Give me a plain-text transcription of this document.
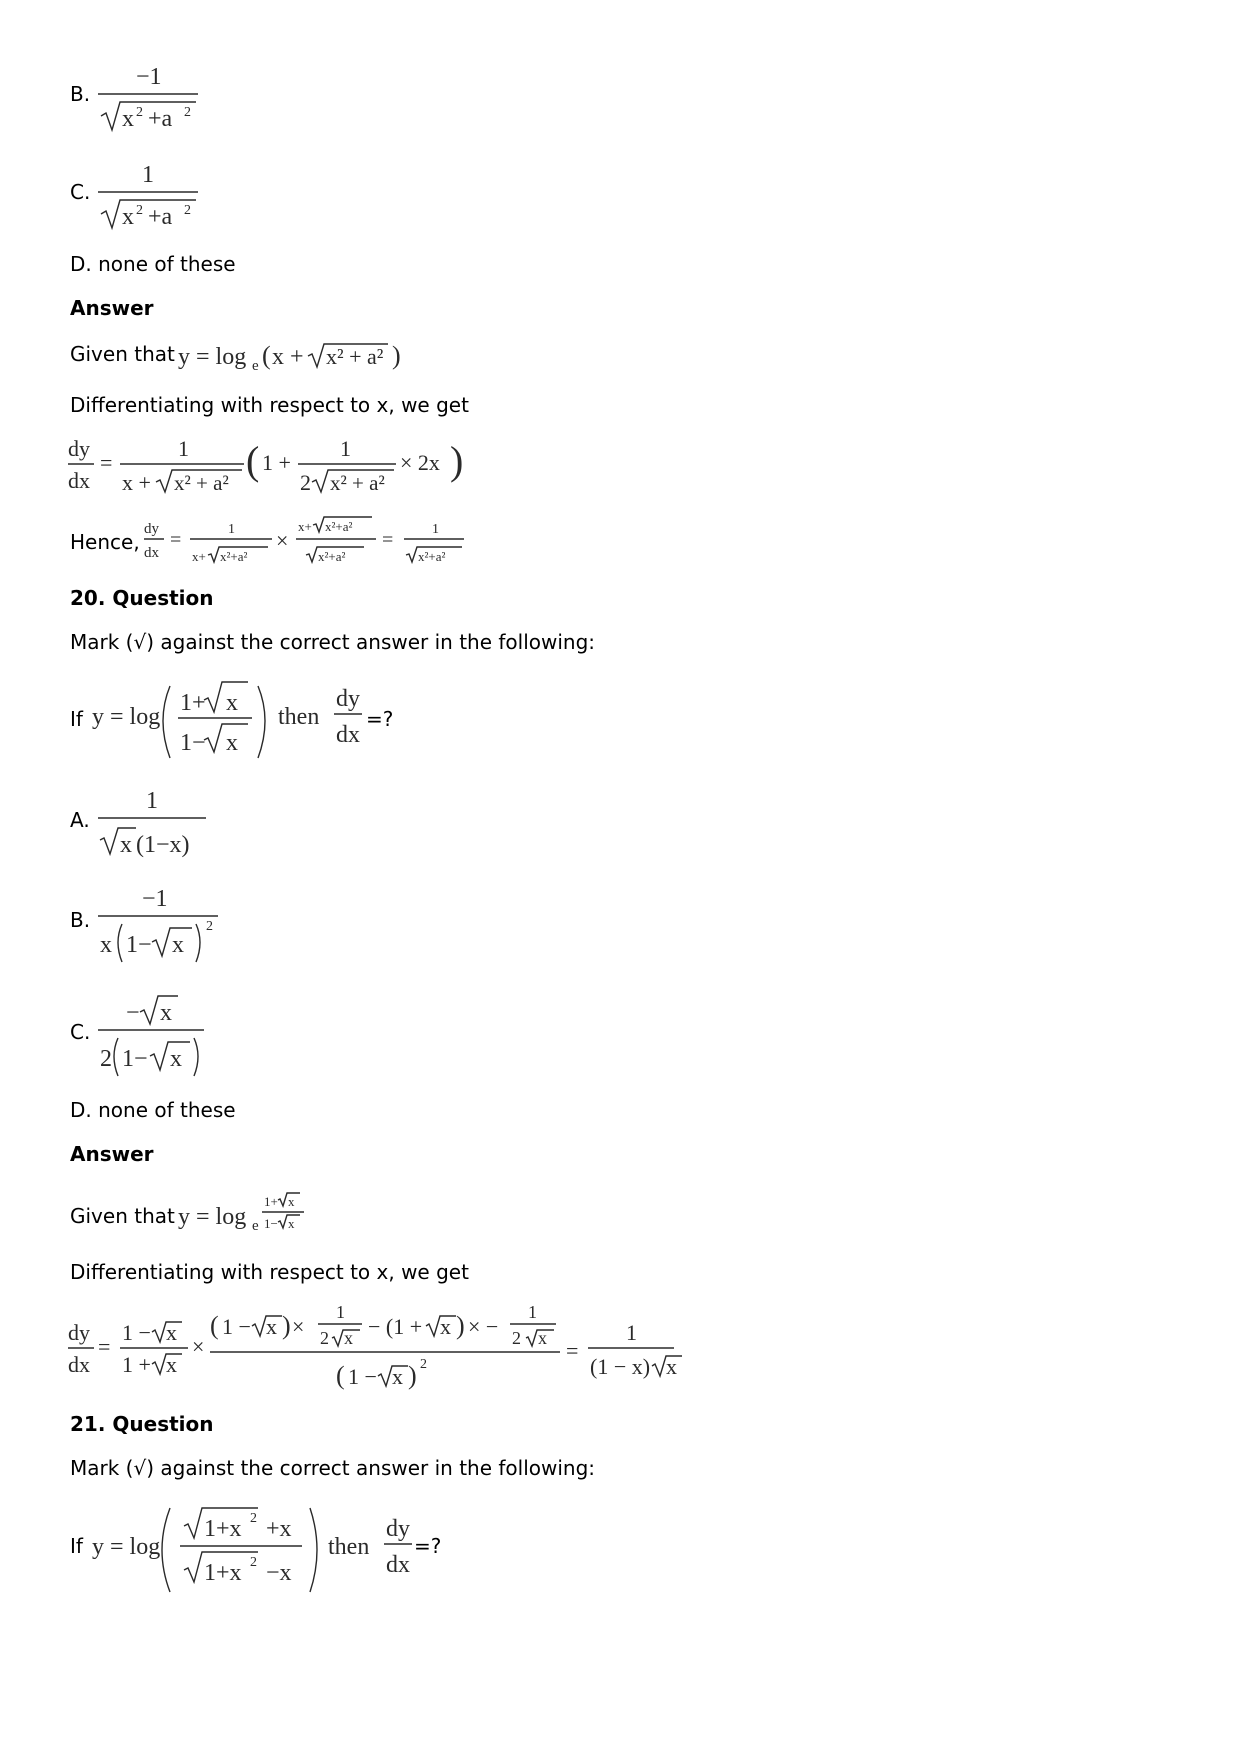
B.
−1
x 2 +a 2
C.
1
x 2 +a 2
D. none of these
Answer
Given that y = log e ( x + x² + a² )
Differentiating with respect to x, we get
dy
dx
=
1
x + x² + a² ( 1 +
1
2 x² + a²
× 2x )
Hence,
dy
dx
=	1
x+ x²+a²
×
x+ x²+a²
x²+a²
=	1
x²+a²
20. Question
Mark (√) against the correct answer in the following:
If y = log
1+ x
1− x
then
dy
dx
=?
A.
1
x (1−x)
B.
−1
x 1− x
2
C.
− x
2 1− x
D. none of these
Answer
Given that y = log e
1+ x
1− x
Differentiating with respect to x, we get
dy
dx
=
1 − x
1 + x
×
( 1 − x ) ×
1
2 x − (1 + x ) × −
1
2 x
( 1 − x ) 2
=
1
(1 − x) x
21. Question
Mark (√) against the correct answer in the following:
If y = log
1+x 2 +x
1+x 2 −x
then
dy
dx
=?
